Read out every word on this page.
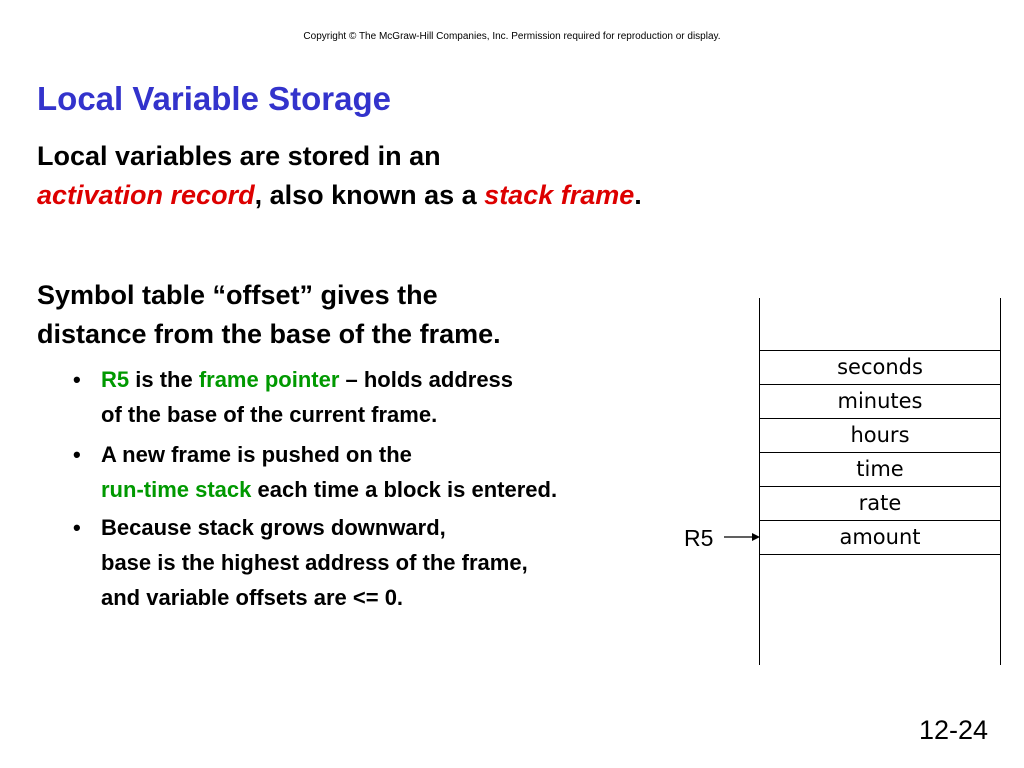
Copyright © The McGraw-Hill Companies, Inc. Permission required for reproduction or display.
Local Variable Storage
Local variables are stored in an
activation record, also known as a stack frame.
Symbol table “offset” gives the
distance from the base of the frame.
• R5 is the frame pointer – holds address
of the base of the current frame.
• A new frame is pushed on the
run-time stack each time a block is entered.
• Because stack grows downward,
base is the highest address of the frame,
and variable offsets are <= 0.
seconds
minutes
hours
time
rate
amount
R5
12-24
